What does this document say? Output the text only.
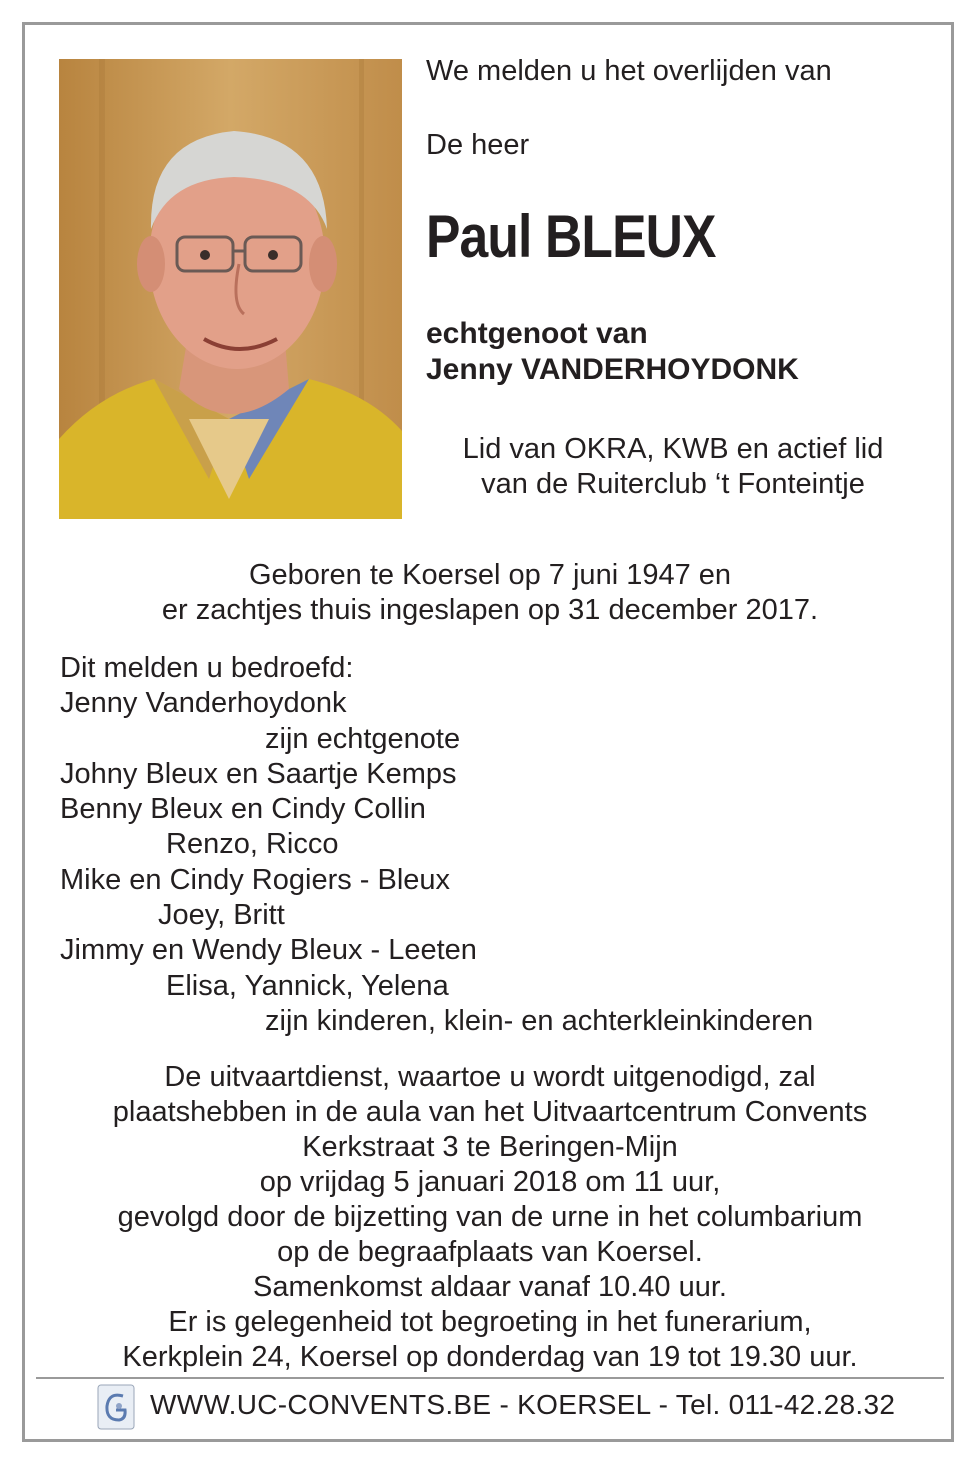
We melden u het overlijden van
De heer
Paul BLEUX
echtgenoot van
Jenny VANDERHOYDONK
Lid van OKRA, KWB en actief lid
van de Ruiterclub ‘t Fonteintje
Geboren te Koersel op 7 juni 1947 en
er zachtjes thuis ingeslapen op 31 december 2017.
Dit melden u bedroefd:
Jenny Vanderhoydonk
zijn echtgenote
Johny Bleux en Saartje Kemps
Benny Bleux en Cindy Collin
Renzo, Ricco
Mike en Cindy Rogiers - Bleux
Joey, Britt
Jimmy en Wendy Bleux - Leeten
Elisa, Yannick, Yelena
zijn kinderen, klein- en achterkleinkinderen
De uitvaartdienst, waartoe u wordt uitgenodigd, zal
plaatshebben in de aula van het Uitvaartcentrum Convents
Kerkstraat 3 te Beringen-Mijn
op vrijdag 5 januari 2018 om 11 uur,
gevolgd door de bijzetting van de urne in het columbarium
op de begraafplaats van Koersel.
Samenkomst aldaar vanaf 10.40 uur.
Er is gelegenheid tot begroeting in het funerarium,
Kerkplein 24, Koersel op donderdag van 19 tot 19.30 uur.
WWW.UC-CONVENTS.BE - KOERSEL - Tel. 011-42.28.32
